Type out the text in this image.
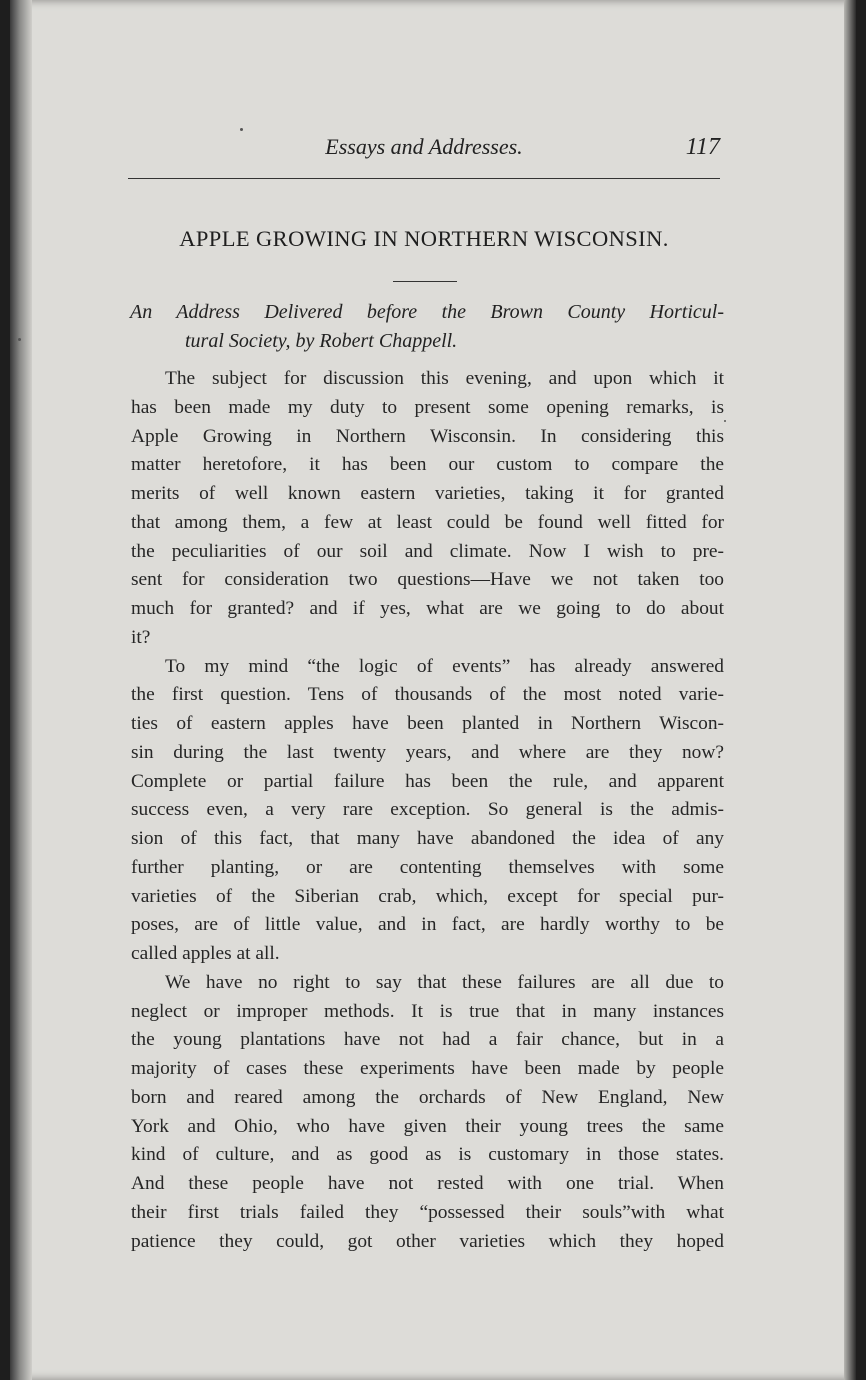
Essays and Addresses.	117
APPLE GROWING IN NORTHERN WISCONSIN.
An Address Delivered before the Brown County Horticul-
tural Society, by Robert Chappell.
The subject for discussion this evening, and upon which it
has been made my duty to present some opening remarks, is
Apple Growing in Northern Wisconsin. In considering this
matter heretofore, it has been our custom to compare the
merits of well known eastern varieties, taking it for granted
that among them, a few at least could be found well fitted for
the peculiarities of our soil and climate. Now I wish to pre-
sent for consideration two questions—Have we not taken too
much for granted? and if yes, what are we going to do about
it?
To my mind “the logic of events” has already answered
the first question. Tens of thousands of the most noted varie-
ties of eastern apples have been planted in Northern Wiscon-
sin during the last twenty years, and where are they now?
Complete or partial failure has been the rule, and apparent
success even, a very rare exception. So general is the admis-
sion of this fact, that many have abandoned the idea of any
further planting, or are contenting themselves with some
varieties of the Siberian crab, which, except for special pur-
poses, are of little value, and in fact, are hardly worthy to be
called apples at all.
We have no right to say that these failures are all due to
neglect or improper methods. It is true that in many instances
the young plantations have not had a fair chance, but in a
majority of cases these experiments have been made by people
born and reared among the orchards of New England, New
York and Ohio, who have given their young trees the same
kind of culture, and as good as is customary in those states.
And these people have not rested with one trial. When
their first trials failed they “possessed their souls”with what
patience they could, got other varieties which they hoped
